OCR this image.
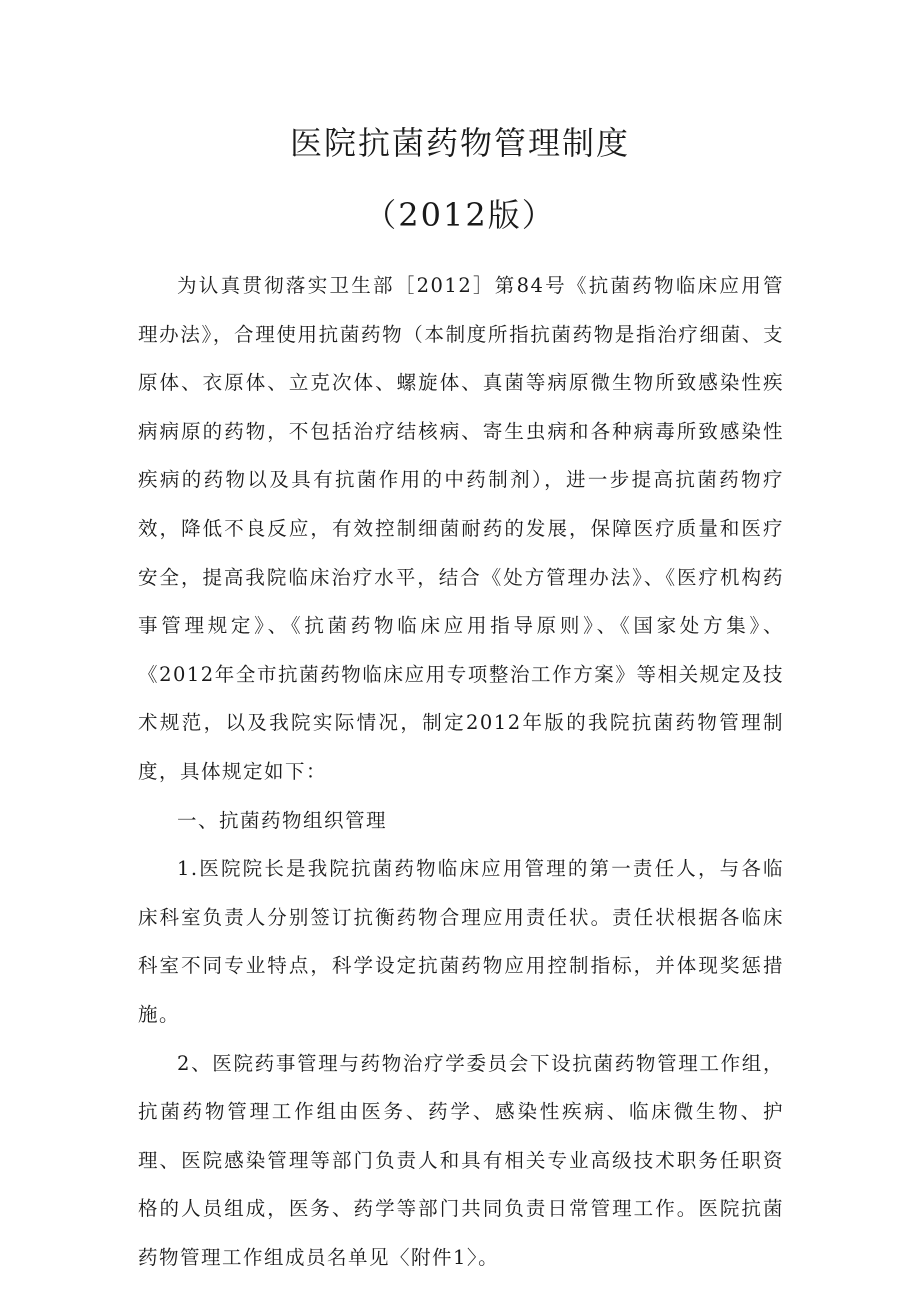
医院抗菌药物管理制度
（2012版）

为认真贯彻落实卫生部［2012］第84号《抗菌药物临床应用管理办法》，合理使用抗菌药物（本制度所指抗菌药物是指治疗细菌、支原体、衣原体、立克次体、螺旋体、真菌等病原微生物所致感染性疾病病原的药物，不包括治疗结核病、寄生虫病和各种病毒所致感染性疾病的药物以及具有抗菌作用的中药制剂），进一步提高抗菌药物疗效，降低不良反应，有效控制细菌耐药的发展，保障医疗质量和医疗安全，提高我院临床治疗水平，结合《处方管理办法》、《医疗机构药事管理规定》、《抗菌药物临床应用指导原则》、《国家处方集》、《2012年全市抗菌药物临床应用专项整治工作方案》等相关规定及技术规范，以及我院实际情况，制定2012年版的我院抗菌药物管理制度，具体规定如下：

一、抗菌药物组织管理

1.医院院长是我院抗菌药物临床应用管理的第一责任人，与各临床科室负责人分别签订抗衡药物合理应用责任状。责任状根据各临床科室不同专业特点，科学设定抗菌药物应用控制指标，并体现奖惩措施。

2、医院药事管理与药物治疗学委员会下设抗菌药物管理工作组，抗菌药物管理工作组由医务、药学、感染性疾病、临床微生物、护理、医院感染管理等部门负责人和具有相关专业高级技术职务任职资格的人员组成，医务、药学等部门共同负责日常管理工作。医院抗菌药物管理工作组成员名单见〈附件1〉。
